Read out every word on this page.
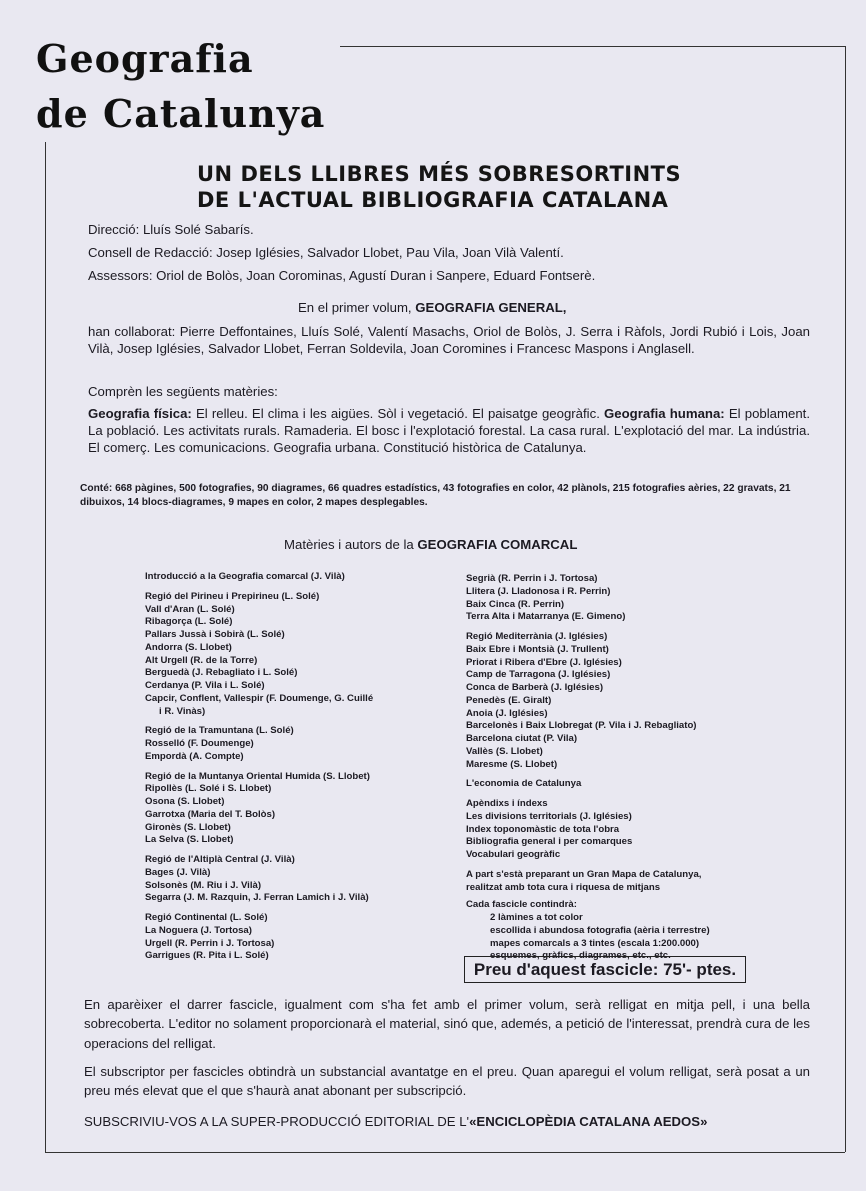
Geografia
de Catalunya
UN DELS LLIBRES MÉS SOBRESORTINTS
DE L'ACTUAL BIBLIOGRAFIA CATALANA
Direcció: Lluís Solé Sabarís.
Consell de Redacció: Josep Iglésies, Salvador Llobet, Pau Vila, Joan Vilà Valentí.
Assessors: Oriol de Bolòs, Joan Corominas, Agustí Duran i Sanpere, Eduard Fontserè.
En el primer volum, GEOGRAFIA GENERAL,
han collaborat: Pierre Deffontaines, Lluís Solé, Valentí Masachs, Oriol de Bolòs, J. Serra i Ràfols, Jordi Rubió i Lois, Joan Vilà, Josep Iglésies, Salvador Llobet, Ferran Soldevila, Joan Coromines i Francesc Maspons i Anglasell.
Comprèn les següents matèries:
Geografia física: El relleu. El clima i les aigües. Sòl i vegetació. El paisatge geogràfic. Geografia humana: El poblament. La població. Les activitats rurals. Ramaderia. El bosc i l'explotació forestal. La casa rural. L'explotació del mar. La indústria. El comerç. Les comunicacions. Geografia urbana. Constitució històrica de Catalunya.
Conté: 668 pàgines, 500 fotografies, 90 diagrames, 66 quadres estadístics, 43 fotografies en color, 42 plànols, 215 fotografies aèries, 22 gravats, 21 dibuixos, 14 blocs-diagrames, 9 mapes en color, 2 mapes desplegables.
Matèries i autors de la GEOGRAFIA COMARCAL
Introducció a la Geografia comarcal (J. Vilà)
Regió del Pirineu i Prepirineu (L. Solé)
Vall d'Aran (L. Solé)
Ribagorça (L. Solé)
Pallars Jussà i Sobirà (L. Solé)
Andorra (S. Llobet)
Alt Urgell (R. de la Torre)
Berguedà (J. Rebagliato i L. Solé)
Cerdanya (P. Vila i L. Solé)
Capcir, Conflent, Vallespir (F. Doumenge, G. Cuillé
i R. Vinàs)
Regió de la Tramuntana (L. Solé)
Rosselló (F. Doumenge)
Empordà (A. Compte)
Regió de la Muntanya Oriental Humida (S. Llobet)
Ripollès (L. Solé i S. Llobet)
Osona (S. Llobet)
Garrotxa (Maria del T. Bolòs)
Gironès (S. Llobet)
La Selva (S. Llobet)
Regió de l'Altiplà Central (J. Vilà)
Bages (J. Vilà)
Solsonès (M. Riu i J. Vilà)
Segarra (J. M. Razquin, J. Ferran Lamich i J. Vilà)
Regió Continental (L. Solé)
La Noguera (J. Tortosa)
Urgell (R. Perrin i J. Tortosa)
Garrigues (R. Pita i L. Solé)
Segrià (R. Perrin i J. Tortosa)
Llitera (J. Lladonosa i R. Perrin)
Baix Cinca (R. Perrin)
Terra Alta i Matarranya (E. Gimeno)
Regió Mediterrània (J. Iglésies)
Baix Ebre i Montsià (J. Trullent)
Priorat i Ribera d'Ebre (J. Iglésies)
Camp de Tarragona (J. Iglésies)
Conca de Barberà (J. Iglésies)
Penedès (E. Giralt)
Anoia (J. Iglésies)
Barcelonès i Baix Llobregat (P. Vila i J. Rebagliato)
Barcelona ciutat (P. Vila)
Vallès (S. Llobet)
Maresme (S. Llobet)
L'economia de Catalunya
Apèndixs i índexs
Les divisions territorials (J. Iglésies)
Index toponomàstic de tota l'obra
Bibliografia general i per comarques
Vocabulari geogràfic
A part s'està preparant un Gran Mapa de Catalunya,
realitzat amb tota cura i riquesa de mitjans
Cada fascicle contindrà:
2 làmines a tot color
escollida i abundosa fotografia (aèria i terrestre)
mapes comarcals a 3 tintes (escala 1:200.000)
esquemes, gràfics, diagrames, etc., etc.
Preu d'aquest fascicle: 75'- ptes.
En aparèixer el darrer fascicle, igualment com s'ha fet amb el primer volum, serà relligat en mitja pell, i una bella sobrecoberta. L'editor no solament proporcionarà el material, sinó que, ademés, a petició de l'interessat, prendrà cura de les operacions del relligat.
El subscriptor per fascicles obtindrà un substancial avantatge en el preu. Quan aparegui el volum relligat, serà posat a un preu més elevat que el que s'haurà anat abonant per subscripció.
SUBSCRIVIU-VOS A LA SUPER-PRODUCCIÓ EDITORIAL DE L'«ENCICLOPÈDIA CATALANA AEDOS»
